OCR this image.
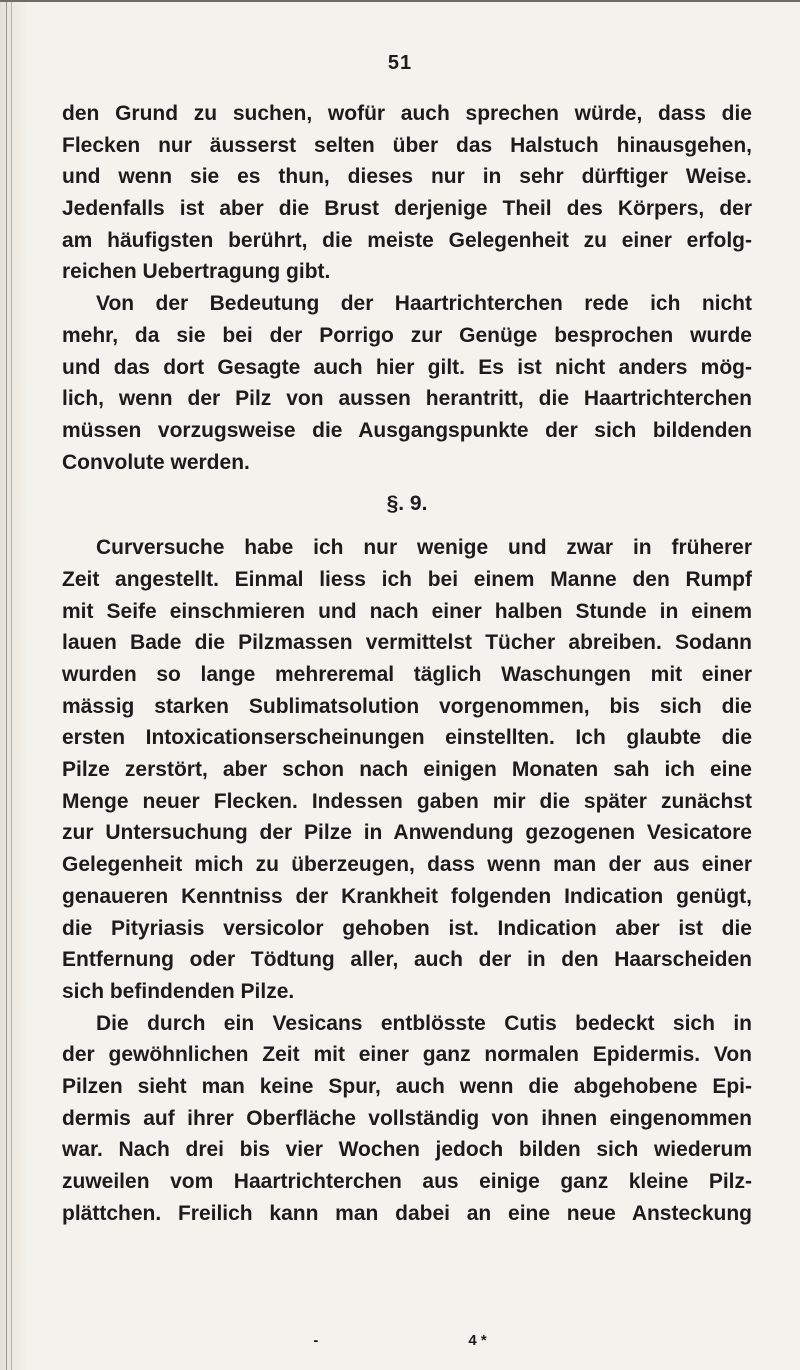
51
den Grund zu suchen, wofür auch sprechen würde, dass die
Flecken nur äusserst selten über das Halstuch hinausgehen,
und wenn sie es thun, dieses nur in sehr dürftiger Weise.
Jedenfalls ist aber die Brust derjenige Theil des Körpers, der
am häufigsten berührt, die meiste Gelegenheit zu einer erfolg-
reichen Uebertragung gibt.
Von der Bedeutung der Haartrichterchen rede ich nicht
mehr, da sie bei der Porrigo zur Genüge besprochen wurde
und das dort Gesagte auch hier gilt. Es ist nicht anders mög-
lich, wenn der Pilz von aussen herantritt, die Haartrichterchen
müssen vorzugsweise die Ausgangspunkte der sich bildenden
Convolute werden.
§. 9.
Curversuche habe ich nur wenige und zwar in früherer
Zeit angestellt. Einmal liess ich bei einem Manne den Rumpf
mit Seife einschmieren und nach einer halben Stunde in einem
lauen Bade die Pilzmassen vermittelst Tücher abreiben. Sodann
wurden so lange mehreremal täglich Waschungen mit einer
mässig starken Sublimatsolution vorgenommen, bis sich die
ersten Intoxicationserscheinungen einstellten. Ich glaubte die
Pilze zerstört, aber schon nach einigen Monaten sah ich eine
Menge neuer Flecken. Indessen gaben mir die später zunächst
zur Untersuchung der Pilze in Anwendung gezogenen Vesicatore
Gelegenheit mich zu überzeugen, dass wenn man der aus einer
genaueren Kenntniss der Krankheit folgenden Indication genügt,
die Pityriasis versicolor gehoben ist. Indication aber ist die
Entfernung oder Tödtung aller, auch der in den Haarscheiden
sich befindenden Pilze.
Die durch ein Vesicans entblösste Cutis bedeckt sich in
der gewöhnlichen Zeit mit einer ganz normalen Epidermis. Von
Pilzen sieht man keine Spur, auch wenn die abgehobene Epi-
dermis auf ihrer Oberfläche vollständig von ihnen eingenommen
war. Nach drei bis vier Wochen jedoch bilden sich wiederum
zuweilen vom Haartrichterchen aus einige ganz kleine Pilz-
plättchen. Freilich kann man dabei an eine neue Ansteckung
-	4 *
